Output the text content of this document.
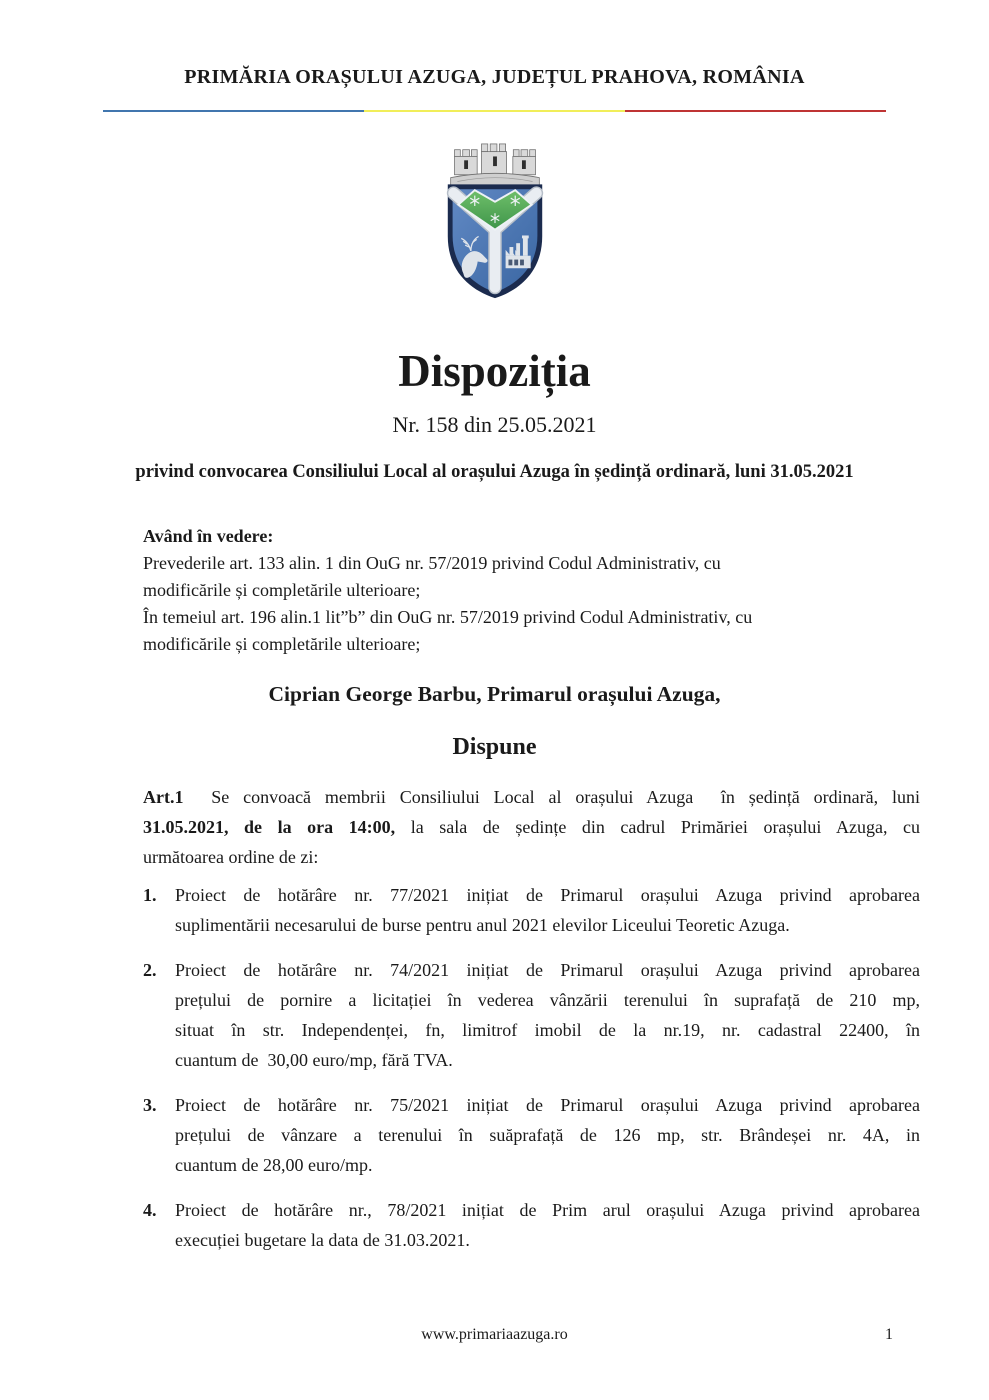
PRIMĂRIA ORAȘULUI AZUGA, JUDEȚUL PRAHOVA, ROMÂNIA
Dispoziția
Nr. 158 din 25.05.2021
privind convocarea Consiliului Local al orașului Azuga în ședință ordinară, luni 31.05.2021
Având în vedere:
Prevederile art. 133 alin. 1 din OuG nr. 57/2019 privind Codul Administrativ, cu
modificările și completările ulterioare;
În temeiul art. 196 alin.1 lit”b” din OuG nr. 57/2019 privind Codul Administrativ, cu
modificările și completările ulterioare;
Ciprian George Barbu, Primarul orașului Azuga,
Dispune
Art.1  Se convoacă membrii Consiliului Local al orașului Azuga  în ședință ordinară, luni
31.05.2021, de la ora 14:00, la sala de ședințe din cadrul Primăriei orașului Azuga, cu
următoarea ordine de zi:
1.	Proiect de hotărâre nr. 77/2021 inițiat de Primarul orașului Azuga privind aprobarea
suplimentării necesarului de burse pentru anul 2021 elevilor Liceului Teoretic Azuga.
2.	Proiect de hotărâre nr. 74/2021 inițiat de Primarul orașului Azuga privind aprobarea
prețului de pornire a licitației în vederea vânzării terenului în suprafață de 210 mp,
situat în str. Independenței, fn, limitrof imobil de la nr.19, nr. cadastral 22400, în
cuantum de  30,00 euro/mp, fără TVA.
3.	Proiect de hotărâre nr. 75/2021 inițiat de Primarul orașului Azuga privind aprobarea
prețului de vânzare a terenului în suăprafață de 126 mp, str. Brândeșei nr. 4A, in
cuantum de 28,00 euro/mp.
4.	Proiect de hotărâre nr., 78/2021 inițiat de Prim arul orașului Azuga privind aprobarea
execuției bugetare la data de 31.03.2021.
www.primariaazuga.ro	1
